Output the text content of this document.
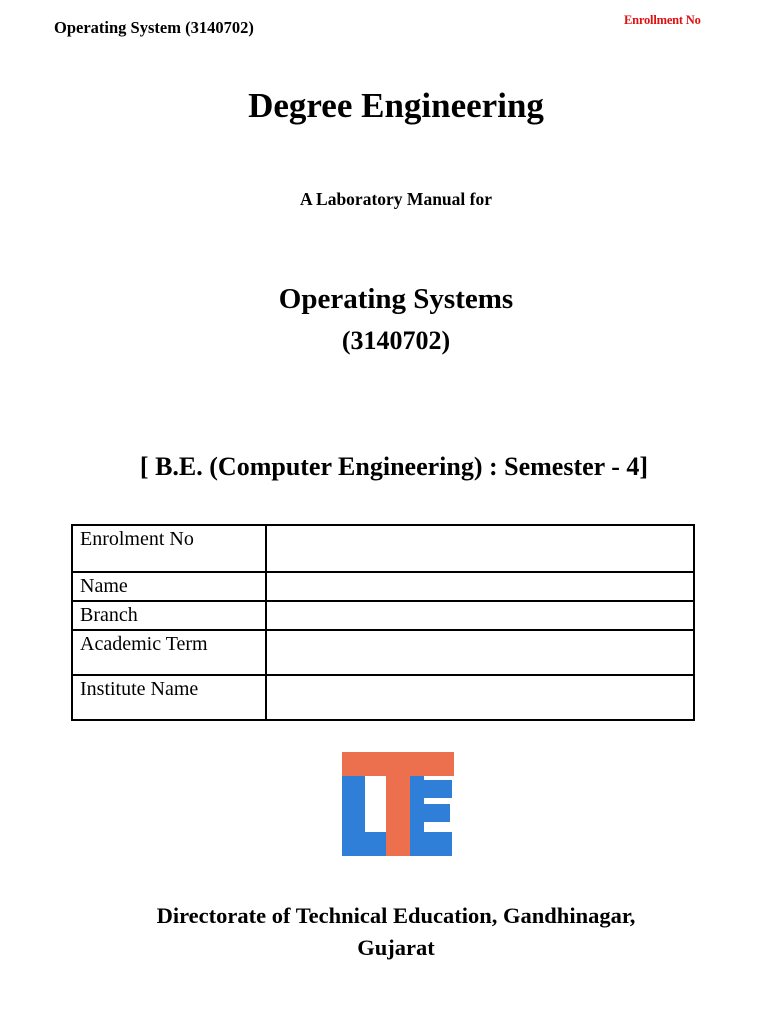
Operating System (3140702)	Enrollment No
Degree Engineering
A Laboratory Manual for
Operating Systems
(3140702)
[ B.E. (Computer Engineering) : Semester - 4]
Enrolment No	
Name	
Branch	
Academic Term	
Institute Name	
Directorate of Technical Education, Gandhinagar,
Gujarat
